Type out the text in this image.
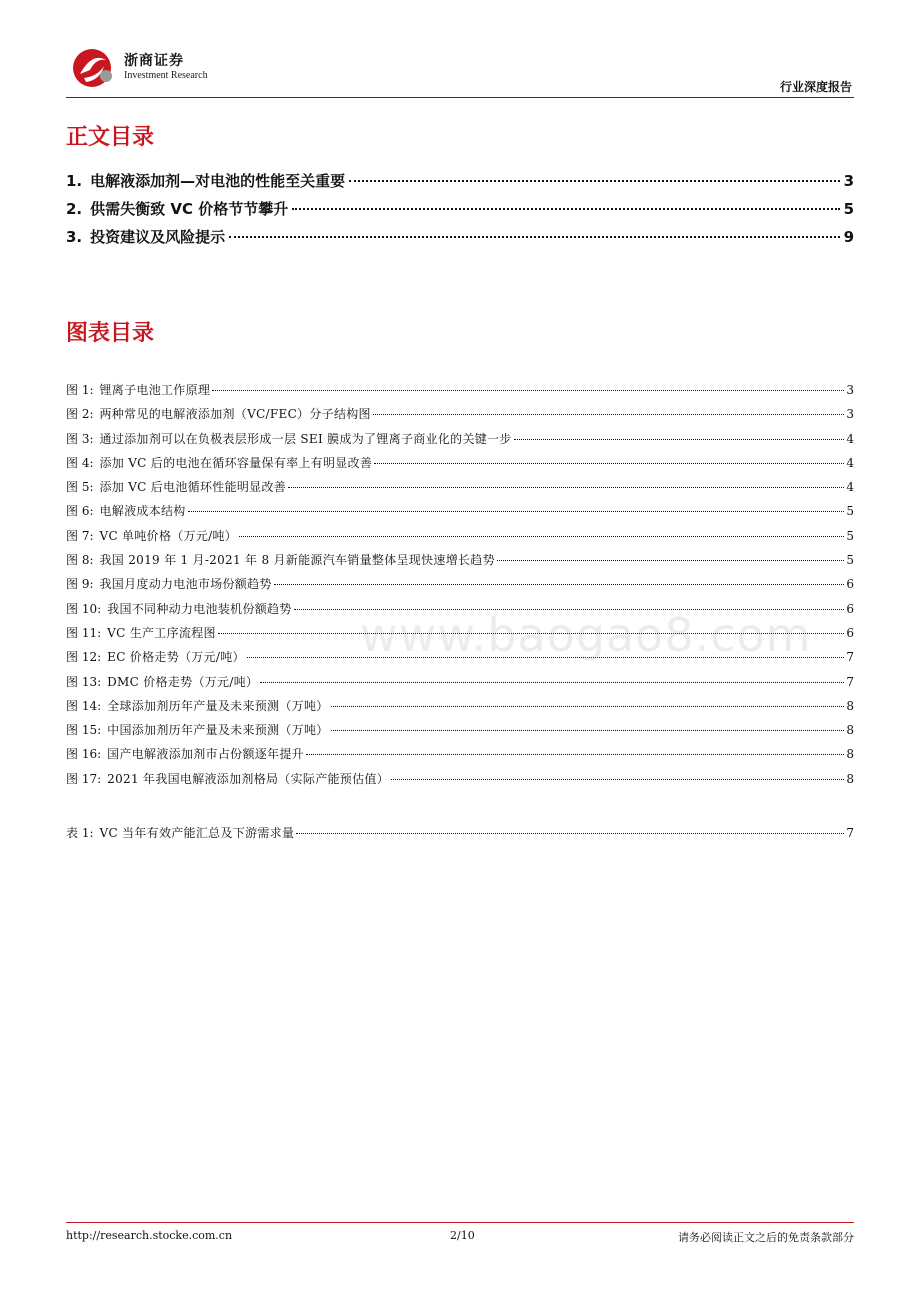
浙商证券
Investment Research
行业深度报告
正文目录
1. 电解液添加剂—对电池的性能至关重要	3
2. 供需失衡致 VC 价格节节攀升	5
3. 投资建议及风险提示	9
图表目录
图 1: 锂离子电池工作原理	3
图 2: 两种常见的电解液添加剂（VC/FEC）分子结构图	3
图 3: 通过添加剂可以在负极表层形成一层 SEI 膜成为了锂离子商业化的关键一步	4
图 4: 添加 VC 后的电池在循环容量保有率上有明显改善	4
图 5: 添加 VC 后电池循环性能明显改善	4
图 6: 电解液成本结构	5
图 7: VC 单吨价格（万元/吨）	5
图 8: 我国 2019 年 1 月-2021 年 8 月新能源汽车销量整体呈现快速增长趋势	5
图 9: 我国月度动力电池市场份额趋势	6
图 10: 我国不同种动力电池装机份额趋势	6
图 11: VC 生产工序流程图	6
图 12: EC 价格走势（万元/吨）	7
图 13: DMC 价格走势（万元/吨）	7
图 14: 全球添加剂历年产量及未来预测（万吨）	8
图 15: 中国添加剂历年产量及未来预测（万吨）	8
图 16: 国产电解液添加剂市占份额逐年提升	8
图 17: 2021 年我国电解液添加剂格局（实际产能预估值）	8
表 1: VC 当年有效产能汇总及下游需求量	7
www.baogao8.com
http://research.stocke.com.cn	2/10	请务必阅读正文之后的免责条款部分
